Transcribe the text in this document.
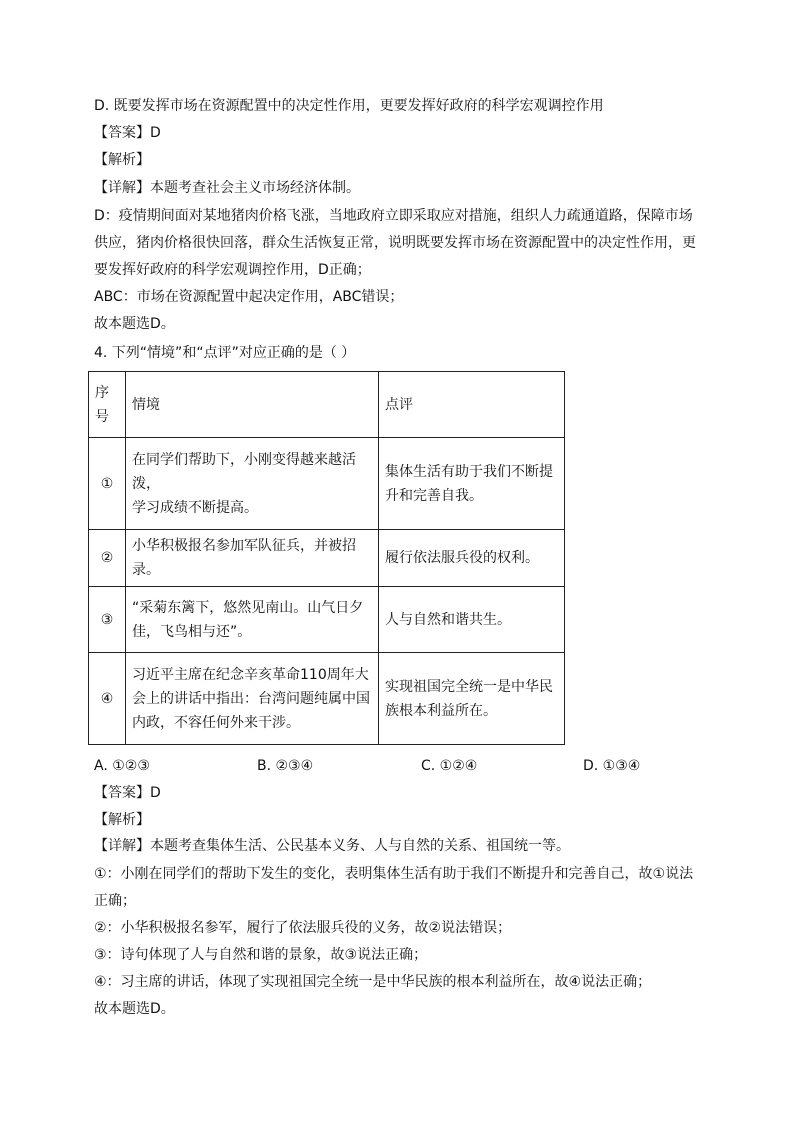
D. 既要发挥市场在资源配置中的决定性作用，更要发挥好政府的科学宏观调控作用
【答案】D
【解析】
【详解】本题考查社会主义市场经济体制。
D：疫情期间面对某地猪肉价格飞涨，当地政府立即采取应对措施，组织人力疏通道路，保障市场
供应，猪肉价格很快回落，群众生活恢复正常，说明既要发挥市场在资源配置中的决定性作用，更
要发挥好政府的科学宏观调控作用，D正确；
ABC：市场在资源配置中起决定作用，ABC错误；
故本题选D。
4. 下列“情境”和“点评”对应正确的是（ ）
序
号	情境	点评
①	在同学们帮助下，小刚变得越来越活泼，
学习成绩不断提高。	集体生活有助于我们不断提
升和完善自我。
②	小华积极报名参加军队征兵，并被招录。	履行依法服兵役的权利。
③	“采菊东篱下，悠然见南山。山气日夕
佳，飞鸟相与还”。	人与自然和谐共生。
④	习近平主席在纪念辛亥革命110周年大
会上的讲话中指出：台湾问题纯属中国
内政，不容任何外来干涉。	实现祖国完全统一是中华民
族根本利益所在。
A. ①②③	B. ②③④	C. ①②④	D. ①③④
【答案】D
【解析】
【详解】本题考查集体生活、公民基本义务、人与自然的关系、祖国统一等。
①：小刚在同学们的帮助下发生的变化，表明集体生活有助于我们不断提升和完善自己，故①说法
正确；
②：小华积极报名参军，履行了依法服兵役的义务，故②说法错误；
③：诗句体现了人与自然和谐的景象，故③说法正确；
④：习主席的讲话，体现了实现祖国完全统一是中华民族的根本利益所在，故④说法正确；
故本题选D。
